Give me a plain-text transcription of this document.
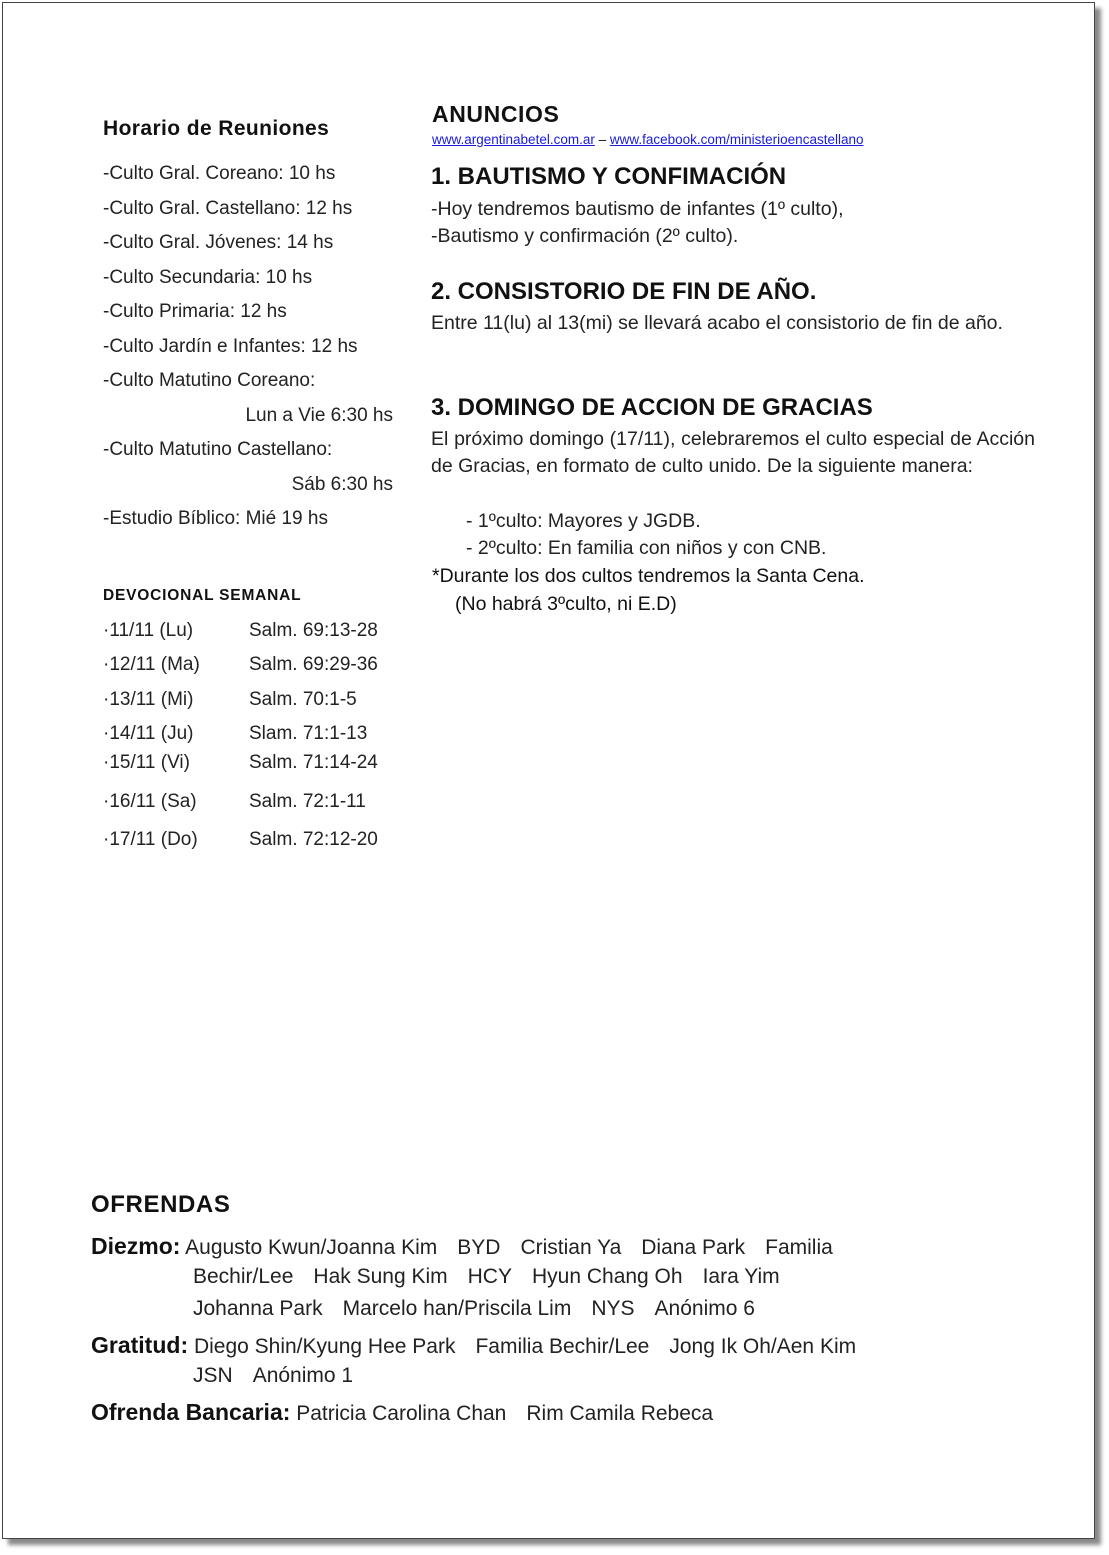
Horario de Reuniones
-Culto Gral. Coreano: 10 hs
-Culto Gral. Castellano: 12 hs
-Culto Gral. Jóvenes: 14 hs
-Culto Secundaria: 10 hs
-Culto Primaria: 12 hs
-Culto Jardín e Infantes: 12 hs
-Culto Matutino Coreano:
Lun a Vie 6:30 hs
-Culto Matutino Castellano:
Sáb 6:30 hs
-Estudio Bíblico: Mié 19 hs
DEVOCIONAL SEMANAL
·11/11 (Lu)	Salm. 69:13-28
·12/11 (Ma)	Salm. 69:29-36
·13/11 (Mi)	Salm. 70:1-5
·14/11 (Ju)	Slam. 71:1-13
·15/11 (Vi)	Salm. 71:14-24
·16/11 (Sa)	Salm. 72:1-11
·17/11 (Do)	Salm. 72:12-20
ANUNCIOS
www.argentinabetel.com.ar – www.facebook.com/ministerioencastellano
1. BAUTISMO Y CONFIMACIÓN
-Hoy tendremos bautismo de infantes (1º culto),
-Bautismo y confirmación (2º culto).
2. CONSISTORIO DE FIN DE AÑO.
Entre 11(lu) al 13(mi) se llevará acabo el consistorio de fin de año.
3. DOMINGO DE ACCION DE GRACIAS
El próximo domingo (17/11), celebraremos el culto especial de Acción de Gracias, en formato de culto unido. De la siguiente manera:
- 1ºculto: Mayores y JGDB.
- 2ºculto: En familia con niños y con CNB.
*Durante los dos cultos tendremos la Santa Cena.
(No habrá 3ºculto, ni E.D)
OFRENDAS
Diezmo: Augusto Kwun/Joanna Kim BYD Cristian Ya Diana Park Familia
Bechir/Lee Hak Sung Kim HCY Hyun Chang Oh Iara Yim
Johanna Park Marcelo han/Priscila Lim NYS Anónimo 6
Gratitud: Diego Shin/Kyung Hee Park Familia Bechir/Lee Jong Ik Oh/Aen Kim
JSN Anónimo 1
Ofrenda Bancaria: Patricia Carolina Chan Rim Camila Rebeca
